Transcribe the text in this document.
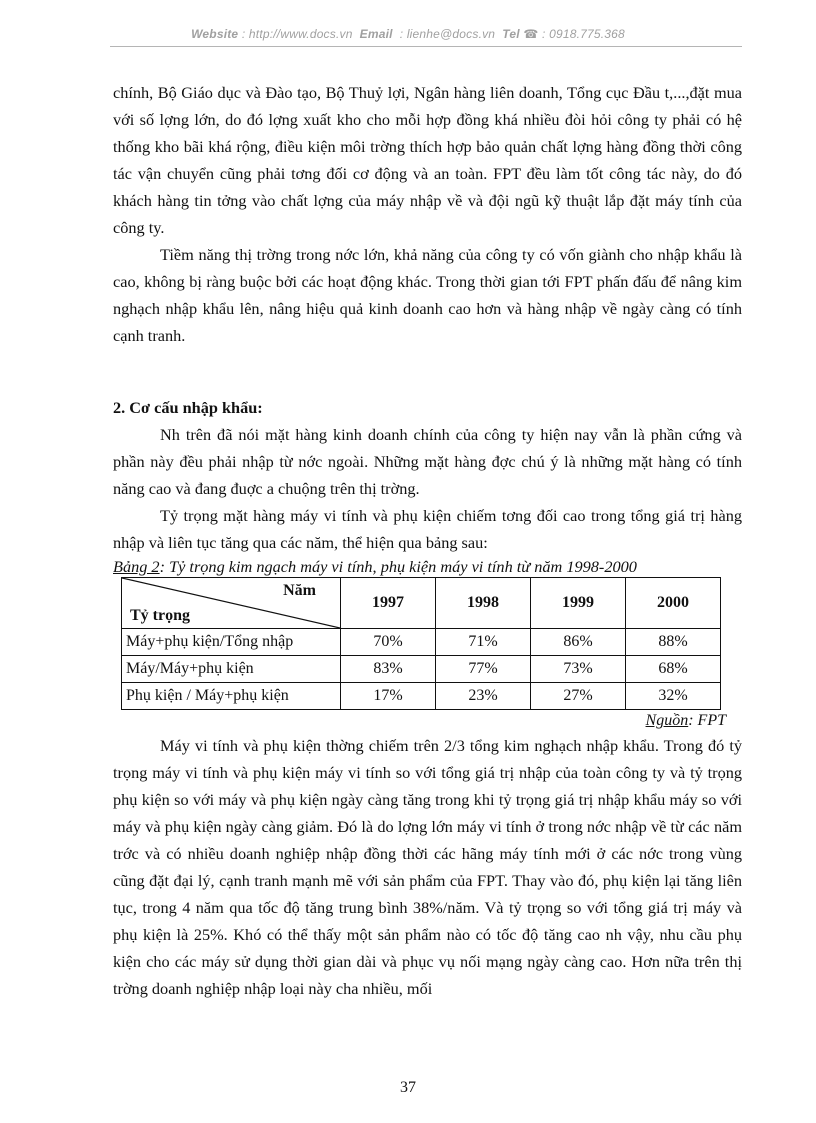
Website : http://www.docs.vn Email : lienhe@docs.vn Tel ☎ : 0918.775.368

chính, Bộ Giáo dục và Đào tạo, Bộ Thuỷ lợi, Ngân hàng liên doanh, Tổng cục Đầu t,...,đặt mua với số lợng lớn, do đó lợng xuất kho cho mỗi hợp đồng khá nhiều đòi hỏi công ty phải có hệ thống kho bãi khá rộng, điều kiện môi trờng thích hợp bảo quản chất lợng hàng đồng thời công tác vận chuyển cũng phải tơng đối cơ động và an toàn. FPT đều làm tốt công tác này, do đó khách hàng tin tởng vào chất lợng của máy nhập về và đội ngũ kỹ thuật lắp đặt máy tính của công ty.

Tiềm năng thị trờng trong nớc lớn, khả năng của công ty có vốn giành cho nhập khẩu là cao, không bị ràng buộc bởi các hoạt động khác. Trong thời gian tới FPT phấn đấu để nâng kim nghạch nhập khẩu lên, nâng hiệu quả kinh doanh cao hơn và hàng nhập về ngày càng có tính cạnh tranh.

2. Cơ cấu nhập khẩu:

Nh trên đã nói mặt hàng kinh doanh chính của công ty hiện nay vẫn là phần cứng và phần này đều phải nhập từ nớc ngoài. Những mặt hàng đợc chú ý là những mặt hàng có tính năng cao và đang đuợc a chuộng trên thị trờng.

Tỷ trọng mặt hàng máy vi tính và phụ kiện chiếm tơng đối cao trong tổng giá trị hàng nhập và liên tục tăng qua các năm, thể hiện qua bảng sau:

Bảng 2: Tỷ trọng kim ngạch máy vi tính, phụ kiện máy vi tính từ năm 1998-2000
Năm
Tỷ trọng	1997	1998	1999	2000
Máy+phụ kiện/Tổng nhập	70%	71%	86%	88%
Máy/Máy+phụ kiện	83%	77%	73%	68%
Phụ kiện / Máy+phụ kiện	17%	23%	27%	32%
Nguồn: FPT

Máy vi tính và phụ kiện thờng chiếm trên 2/3 tổng kim nghạch nhập khẩu. Trong đó tỷ trọng máy vi tính và phụ kiện máy vi tính so với tổng giá trị nhập của toàn công ty và tỷ trọng phụ kiện so với máy và phụ kiện ngày càng tăng trong khi tỷ trọng giá trị nhập khẩu máy so với máy và phụ kiện ngày càng giảm. Đó là do lợng lớn máy vi tính ở trong nớc nhập về từ các năm trớc và có nhiều doanh nghiệp nhập đồng thời các hãng máy tính mới ở các nớc trong vùng cũng đặt đại lý, cạnh tranh mạnh mẽ với sản phẩm của FPT. Thay vào đó, phụ kiện lại tăng liên tục, trong 4 năm qua tốc độ tăng trung bình 38%/năm. Và tỷ trọng so với tổng giá trị máy và phụ kiện là 25%. Khó có thể thấy một sản phẩm nào có tốc độ tăng cao nh vậy, nhu cầu phụ kiện cho các máy sử dụng thời gian dài và phục vụ nối mạng ngày càng cao. Hơn nữa trên thị trờng doanh nghiệp nhập loại này cha nhiều, mối

37
